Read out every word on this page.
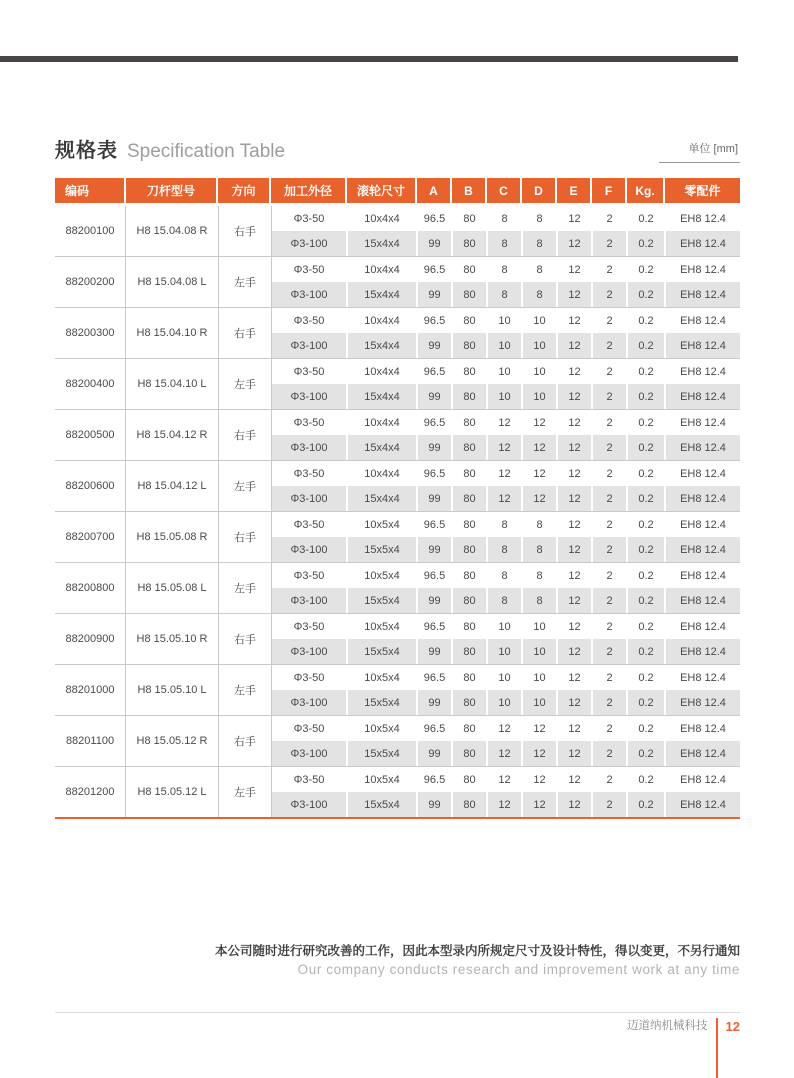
规格表 Specification Table	单位 [mm]
编码	刀杆型号	方向	加工外径	滚轮尺寸	A	B	C	D	E	F	Kg.	零配件
88200100	H8 15.04.08 R	右手
Φ3-50	10x4x4	96.5	80	8	8	12	2	0.2	EH8 12.4
Φ3-100	15x4x4	99	80	8	8	12	2	0.2	EH8 12.4
88200200	H8 15.04.08 L	左手
Φ3-50	10x4x4	96.5	80	8	8	12	2	0.2	EH8 12.4
Φ3-100	15x4x4	99	80	8	8	12	2	0.2	EH8 12.4
88200300	H8 15.04.10 R	右手
Φ3-50	10x4x4	96.5	80	10	10	12	2	0.2	EH8 12.4
Φ3-100	15x4x4	99	80	10	10	12	2	0.2	EH8 12.4
88200400	H8 15.04.10 L	左手
Φ3-50	10x4x4	96.5	80	10	10	12	2	0.2	EH8 12.4
Φ3-100	15x4x4	99	80	10	10	12	2	0.2	EH8 12.4
88200500	H8 15.04.12 R	右手
Φ3-50	10x4x4	96.5	80	12	12	12	2	0.2	EH8 12.4
Φ3-100	15x4x4	99	80	12	12	12	2	0.2	EH8 12.4
88200600	H8 15.04.12 L	左手
Φ3-50	10x4x4	96.5	80	12	12	12	2	0.2	EH8 12.4
Φ3-100	15x4x4	99	80	12	12	12	2	0.2	EH8 12.4
88200700	H8 15.05.08 R	右手
Φ3-50	10x5x4	96.5	80	8	8	12	2	0.2	EH8 12.4
Φ3-100	15x5x4	99	80	8	8	12	2	0.2	EH8 12.4
88200800	H8 15.05.08 L	左手
Φ3-50	10x5x4	96.5	80	8	8	12	2	0.2	EH8 12.4
Φ3-100	15x5x4	99	80	8	8	12	2	0.2	EH8 12.4
88200900	H8 15.05.10 R	右手
Φ3-50	10x5x4	96.5	80	10	10	12	2	0.2	EH8 12.4
Φ3-100	15x5x4	99	80	10	10	12	2	0.2	EH8 12.4
88201000	H8 15.05.10 L	左手
Φ3-50	10x5x4	96.5	80	10	10	12	2	0.2	EH8 12.4
Φ3-100	15x5x4	99	80	10	10	12	2	0.2	EH8 12.4
88201100	H8 15.05.12 R	右手
Φ3-50	10x5x4	96.5	80	12	12	12	2	0.2	EH8 12.4
Φ3-100	15x5x4	99	80	12	12	12	2	0.2	EH8 12.4
88201200	H8 15.05.12 L	左手
Φ3-50	10x5x4	96.5	80	12	12	12	2	0.2	EH8 12.4
Φ3-100	15x5x4	99	80	12	12	12	2	0.2	EH8 12.4
本公司随时进行研究改善的工作，因此本型录内所规定尺寸及设计特性，得以变更，不另行通知
Our company conducts research and improvement work at any time
迈道纳机械科技 12
